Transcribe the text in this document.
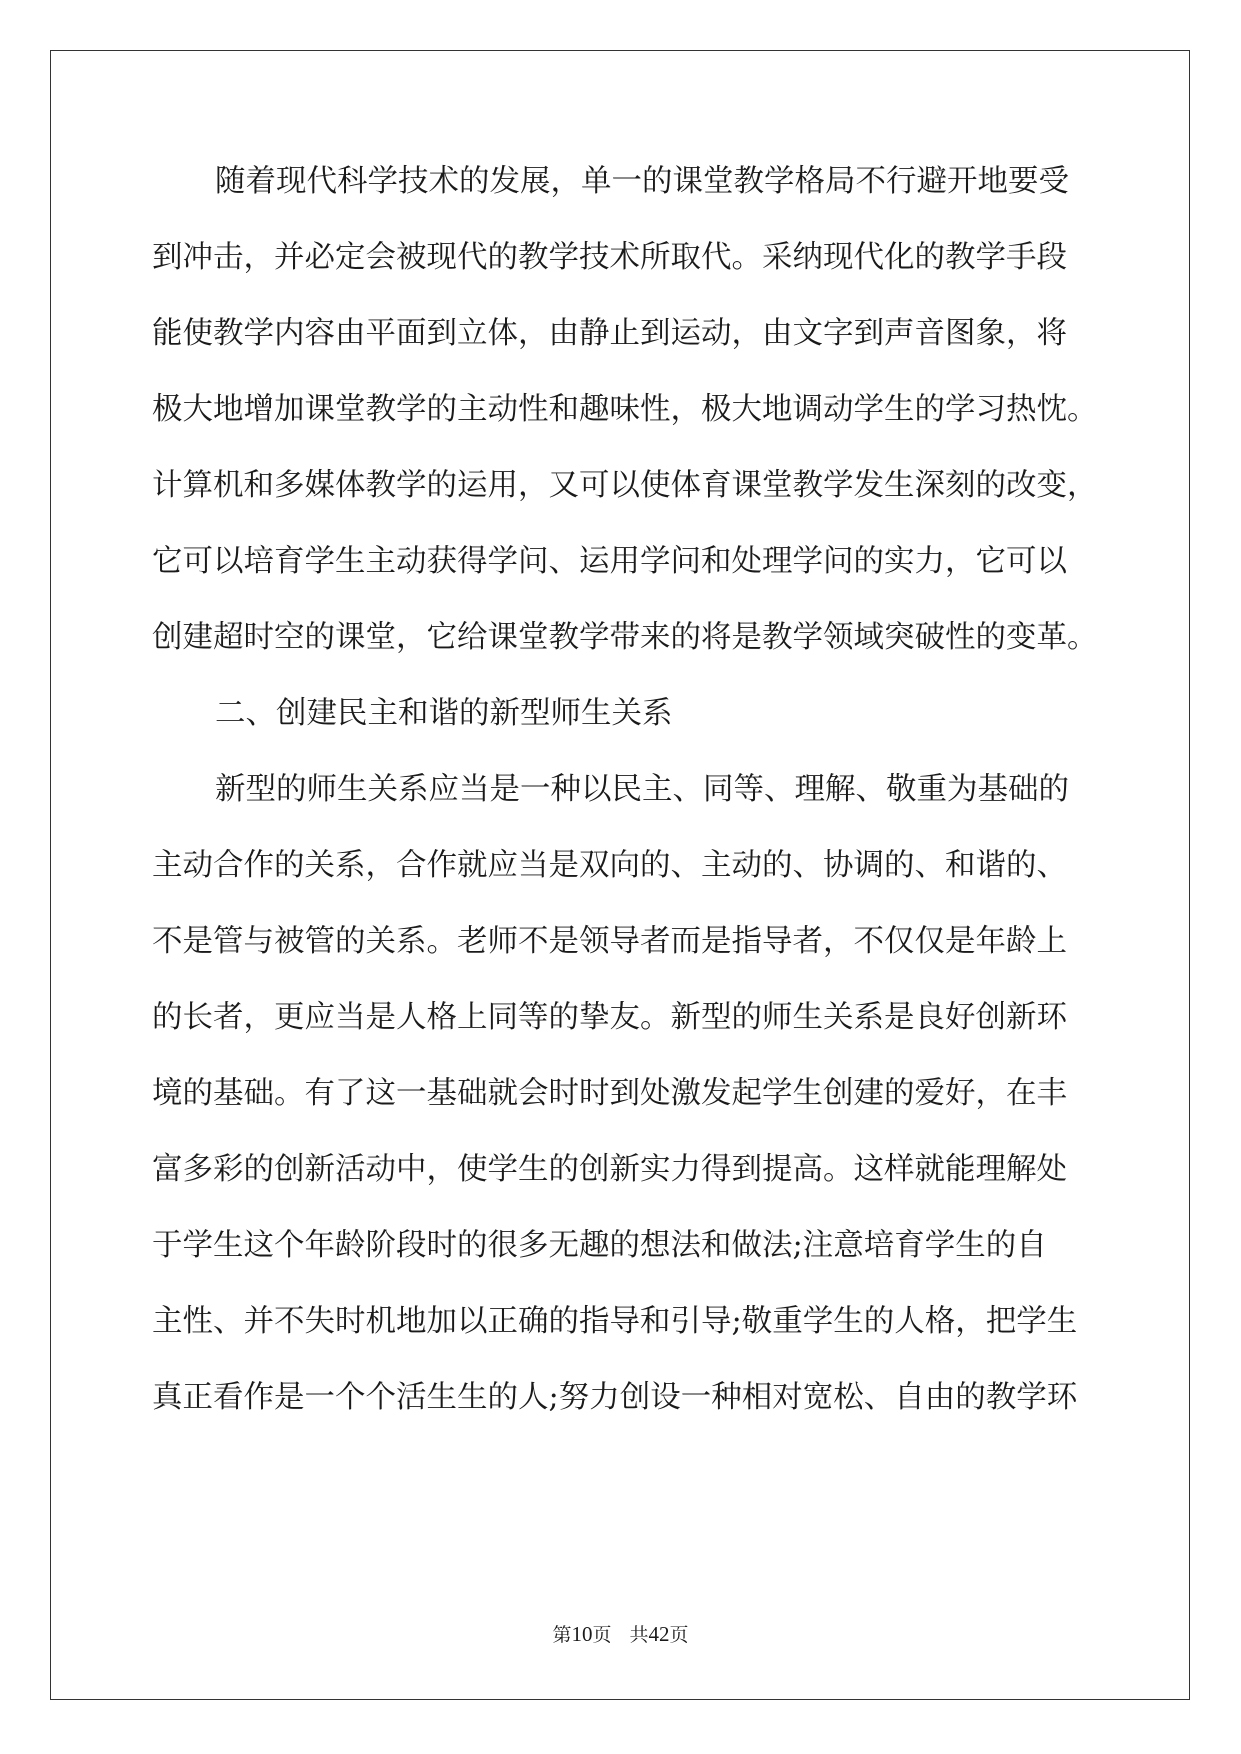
随着现代科学技术的发展，单一的课堂教学格局不行避开地要受
到冲击，并必定会被现代的教学技术所取代。采纳现代化的教学手段
能使教学内容由平面到立体，由静止到运动，由文字到声音图象，将
极大地增加课堂教学的主动性和趣味性，极大地调动学生的学习热忱。
计算机和多媒体教学的运用，又可以使体育课堂教学发生深刻的改变，
它可以培育学生主动获得学问、运用学问和处理学问的实力，它可以
创建超时空的课堂，它给课堂教学带来的将是教学领域突破性的变革。
二、创建民主和谐的新型师生关系
新型的师生关系应当是一种以民主、同等、理解、敬重为基础的
主动合作的关系，合作就应当是双向的、主动的、协调的、和谐的、
不是管与被管的关系。老师不是领导者而是指导者，不仅仅是年龄上
的长者，更应当是人格上同等的挚友。新型的师生关系是良好创新环
境的基础。有了这一基础就会时时到处激发起学生创建的爱好，在丰
富多彩的创新活动中，使学生的创新实力得到提高。这样就能理解处
于学生这个年龄阶段时的很多无趣的想法和做法;注意培育学生的自
主性、并不失时机地加以正确的指导和引导;敬重学生的人格，把学生
真正看作是一个个活生生的人;努力创设一种相对宽松、自由的教学环
第10页 共42页
